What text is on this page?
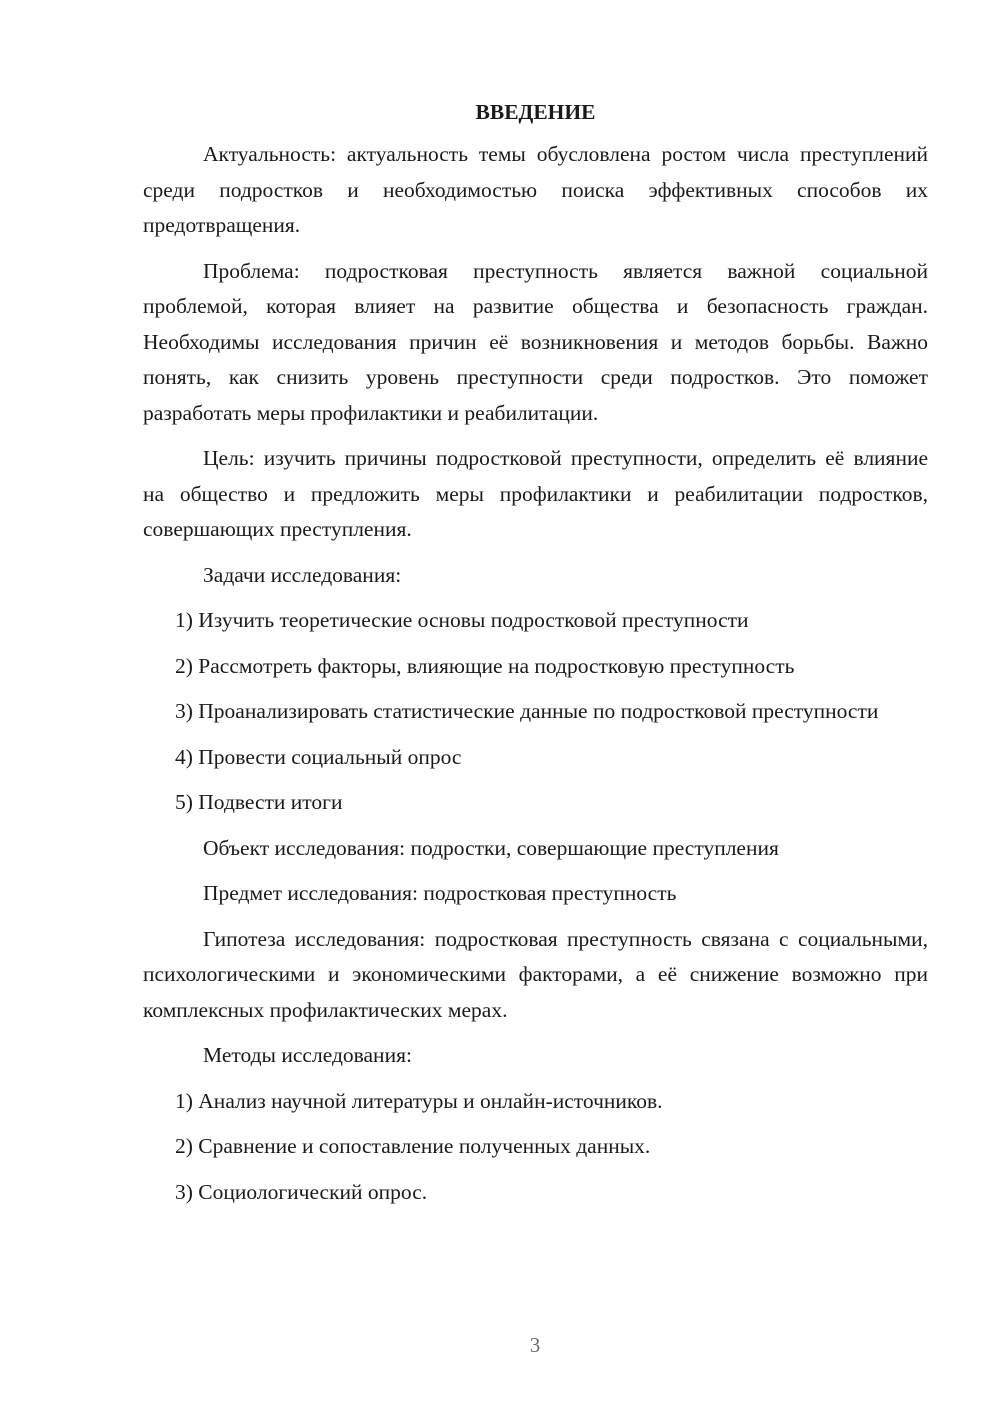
ВВЕДЕНИЕ
Актуальность: актуальность темы обусловлена ростом числа преступлений среди подростков и необходимостью поиска эффективных способов их предотвращения.
Проблема: подростковая преступность является важной социальной проблемой, которая влияет на развитие общества и безопасность граждан. Необходимы исследования причин её возникновения и методов борьбы. Важно понять, как снизить уровень преступности среди подростков. Это поможет разработать меры профилактики и реабилитации.
Цель: изучить причины подростковой преступности, определить её влияние на общество и предложить меры профилактики и реабилитации подростков, совершающих преступления.
Задачи исследования:
1) Изучить теоретические основы подростковой преступности
2) Рассмотреть факторы, влияющие на подростковую преступность
3) Проанализировать статистические данные по подростковой преступности
4) Провести социальный опрос
5) Подвести итоги
Объект исследования: подростки, совершающие преступления
Предмет исследования: подростковая преступность
Гипотеза исследования: подростковая преступность связана с социальными, психологическими и экономическими факторами, а её снижение возможно при комплексных профилактических мерах.
Методы исследования:
1) Анализ научной литературы и онлайн-источников.
2) Сравнение и сопоставление полученных данных.
3) Социологический опрос.
3
